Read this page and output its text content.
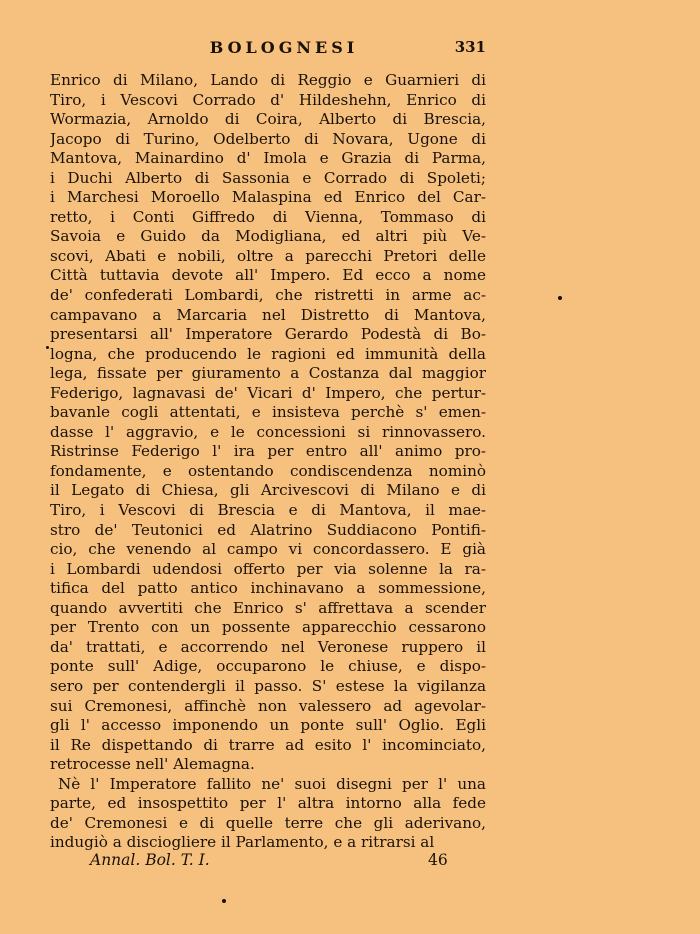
BOLOGNESI	331
Enrico di Milano, Lando di Reggio e Guarnieri di
Tiro, i Vescovi Corrado d' Hildeshehn, Enrico di
Wormazia, Arnoldo di Coira, Alberto di Brescia,
Jacopo di Turino, Odelberto di Novara, Ugone di
Mantova, Mainardino d' Imola e Grazia di Parma,
i Duchi Alberto di Sassonia e Corrado di Spoleti;
i Marchesi Moroello Malaspina ed Enrico del Car-
retto, i Conti Giffredo di Vienna, Tommaso di
Savoia e Guido da Modigliana, ed altri più Ve-
scovi, Abati e nobili, oltre a parecchi Pretori delle
Città tuttavia devote all' Impero. Ed ecco a nome
de' confederati Lombardi, che ristretti in arme ac-
campavano a Marcaria nel Distretto di Mantova,
presentarsi all' Imperatore Gerardo Podestà di Bo-
logna, che producendo le ragioni ed immunità della
lega, fissate per giuramento a Costanza dal maggior
Federigo, lagnavasi de' Vicari d' Impero, che pertur-
bavanle cogli attentati, e insisteva perchè s' emen-
dasse l' aggravio, e le concessioni si rinnovassero.
Ristrinse Federigo l' ira per entro all' animo pro-
fondamente, e ostentando condiscendenza nominò
il Legato di Chiesa, gli Arcivescovi di Milano e di
Tiro, i Vescovi di Brescia e di Mantova, il mae-
stro de' Teutonici ed Alatrino Suddiacono Pontifi-
cio, che venendo al campo vi concordassero. E già
i Lombardi udendosi offerto per via solenne la ra-
tifica del patto antico inchinavano a sommessione,
quando avvertiti che Enrico s' affrettava a scender
per Trento con un possente apparecchio cessarono
da' trattati, e accorrendo nel Veronese ruppero il
ponte sull' Adige, occuparono le chiuse, e dispo-
sero per contendergli il passo. S' estese la vigilanza
sui Cremonesi, affinchè non valessero ad agevolar-
gli l' accesso imponendo un ponte sull' Oglio. Egli
il Re dispettando di trarre ad esito l' incominciato,
retrocesse nell' Alemagna.
Nè l' Imperatore fallito ne' suoi disegni per l' una
parte, ed insospettito per l' altra intorno alla fede
de' Cremonesi e di quelle terre che gli aderivano,
indugiò a disciogliere il Parlamento, e a ritrarsi al
Annal. Bol. T. I.	46
